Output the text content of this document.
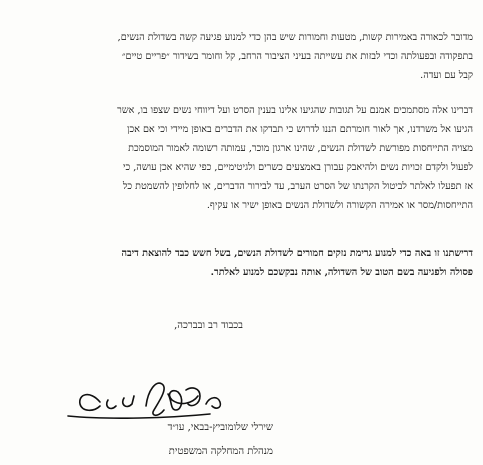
מדובר לכאורה באמירות קשות, מטעות וחמורות שיש בהן כדי למנוע פגיעה קשה בשדולת הנשים,
בתפקודה ובפעולתה וכדי לבזות את עשייתה בעיני הציבור הרחב, קל וחומר בשידור ״פריים טיים״
קבל עם ועדה.
דברינו אלה מסתמכים אמנם על תגובות שהגיעו אלינו בענין הסרט ועל דיווחי נשים שצפו בו, אשר
הגיעו אל משרדנו, אך לאור חומרתם הננו לדרוש כי תבדקו את הדברים באופן מיידי וכי אם אכן
מצויה התייחסות מפורשת לשדולת הנשים, שהינו ארגון מוכר, עמותה רשומה לאמור המוסמכת
לפעול ולקדם זכויות נשים ולהיאבק עבורן באמצעים כשרים ולגיטימיים, כפי שהיא אכן עושה, כי
אז תפעלו לאלתר לביטול הקרנתו של הסרט הערב, עד לבירור הדברים, או לחלופין להשמטת כל
התייחסות/מסר או אמירה הקשורה ולשדולת הנשים באופן ישיר או עקיף.
דרישתנו זו באה כדי למנוע גרימת נזקים חמורים לשדולת הנשים, בשל חשש כבד להוצאת דיבה
פסולה ולפגיעה בשם הטוב של השדולה, אותה נבקשכם למנוע לאלתר.
בכבוד רב ובברכה,
שירלי שלומוביץ-בבאי, עו״ד
מנהלת המחלקה המשפטית
